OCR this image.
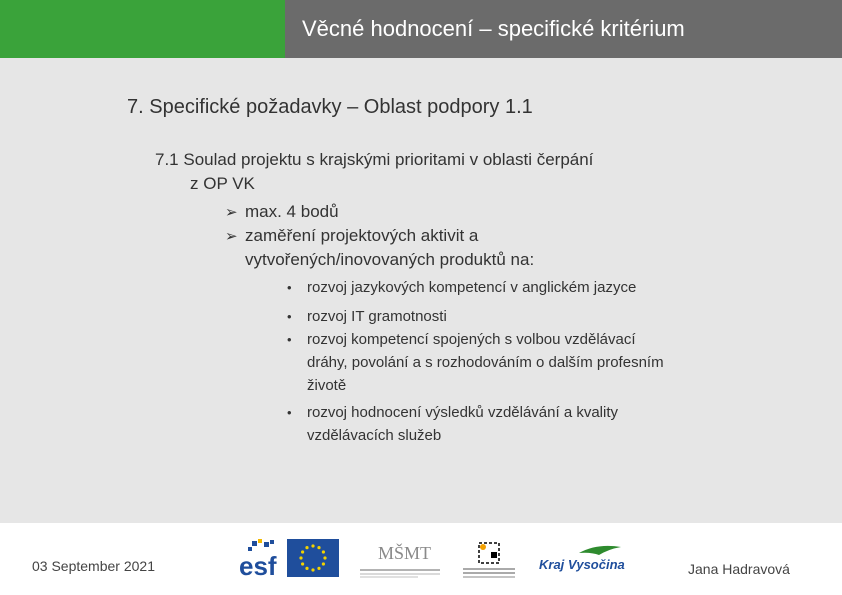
Věcné hodnocení – specifické kritérium
7. Specifické požadavky – Oblast podpory 1.1
7.1 Soulad projektu s krajskými prioritami v oblasti čerpání
z OP VK
➢ max. 4 bodů
➢ zaměření projektových aktivit a
vytvořených/inovovaných produktů na:
• rozvoj jazykových kompetencí v anglickém jazyce
• rozvoj IT gramotnosti
• rozvoj kompetencí spojených s volbou vzdělávací
dráhy, povolání a s rozhodováním o dalším profesním
životě
• rozvoj hodnocení výsledků vzdělávání a kvality
vzdělávacích služeb
03 September 2021	esf	MŠMT
Kraj Vysočina	Jana Hadravová
